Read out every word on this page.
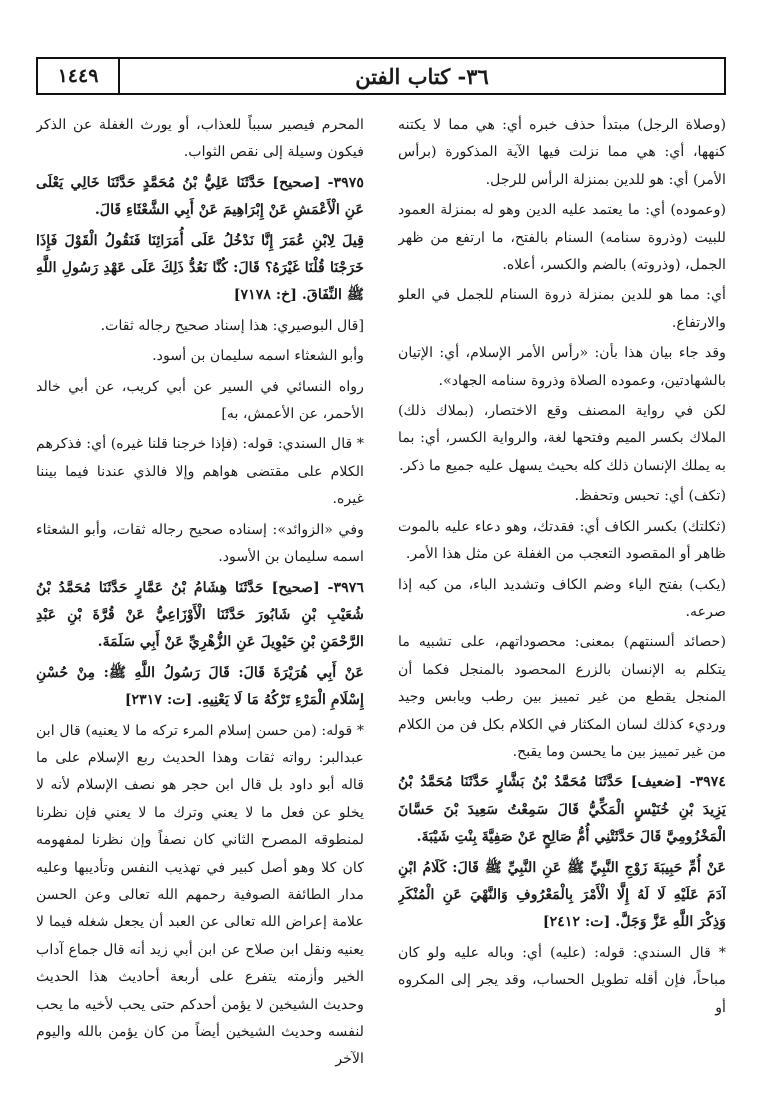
١٤٤٩	٣٦- كتاب الفتن

(وصلاة الرجل) مبتدأ حذف خبره أي: هي مما لا يكتنه كنهها، أي: هي مما نزلت فيها الآية المذكورة (برأس الأمر) أي: هو للدين بمنزلة الرأس للرجل.

(وعموده) أي: ما يعتمد عليه الدين وهو له بمنزلة العمود للبيت (وذروة سنامه) السنام بالفتح، ما ارتفع من ظهر الجمل، (وذروته) بالضم والكسر، أعلاه.

أي: مما هو للدين بمنزلة ذروة السنام للجمل في العلو والارتفاع.

وقد جاء بيان هذا بأن: «رأس الأمر الإسلام، أي: الإتيان بالشهادتين، وعموده الصلاة وذروة سنامه الجهاد».

لكن في رواية المصنف وقع الاختصار، (بملاك ذلك) الملاك بكسر الميم وفتحها لغة، والرواية الكسر، أي: بما به يملك الإنسان ذلك كله بحيث يسهل عليه جميع ما ذكر.

(تكف) أي: تحبس وتحفظ.

(ثكلتك) بكسر الكاف أي: فقدتك، وهو دعاء عليه بالموت ظاهر أو المقصود التعجب من الغفلة عن مثل هذا الأمر.

(يكب) بفتح الياء وضم الكاف وتشديد الباء، من كبه إذا صرعه.

(حصائد ألسنتهم) بمعنى: محصوداتهم، على تشبيه ما يتكلم به الإنسان بالزرع المحصود بالمنجل فكما أن المنجل يقطع من غير تمييز بين رطب ويابس وجيد ورديء كذلك لسان المكثار في الكلام بكل فن من الكلام من غير تمييز بين ما يحسن وما يقبح.

٣٩٧٤- [ضعيف] حَدَّثَنَا مُحَمَّدُ بْنُ بَشَّارٍ حَدَّثَنَا مُحَمَّدُ بْنُ يَزِيدَ بْنِ خُنَيْسٍ الْمَكِّيُّ قَالَ سَمِعْتُ سَعِيدَ بْنَ حَسَّانَ الْمَخْزُومِيَّ قَالَ حَدَّثَتْنِي أُمُّ صَالِحٍ عَنْ صَفِيَّةَ بِنْتِ شَيْبَةَ.

عَنْ أُمِّ حَبِيبَةَ زَوْجِ النَّبِيِّ ﷺ عَنِ النَّبِيِّ ﷺ قَالَ: كَلَامُ ابْنِ آدَمَ عَلَيْهِ لَا لَهُ إِلَّا الْأَمْرَ بِالْمَعْرُوفِ وَالنَّهْيَ عَنِ الْمُنْكَرِ وَذِكْرَ اللَّهِ عَزَّ وَجَلَّ. [ت: ٢٤١٢]

* قال السندي: قوله: (عليه) أي: وباله عليه ولو كان مباحاً، فإن أقله تطويل الحساب، وقد يجر إلى المكروه أو

المحرم فيصير سبباً للعذاب، أو يورث الغفلة عن الذكر فيكون وسيلة إلى نقص الثواب.

٣٩٧٥- [صحيح] حَدَّثَنَا عَلِيُّ بْنُ مُحَمَّدٍ حَدَّثَنَا خَالِي يَعْلَى عَنِ الْأَعْمَشِ عَنْ إِبْرَاهِيمَ عَنْ أَبِي الشَّعْثَاءِ قَالَ.

قِيلَ لِابْنِ عُمَرَ إِنَّا نَدْخُلُ عَلَى أُمَرَائِنَا فَنَقُولُ الْقَوْلَ فَإِذَا خَرَجْنَا قُلْنَا غَيْرَهُ؟ قَالَ: كُنَّا نَعُدُّ ذَلِكَ عَلَى عَهْدِ رَسُولِ اللَّهِ ﷺ النِّفَاقَ. [خ: ٧١٧٨]

[قال البوصيري: هذا إسناد صحيح رجاله ثقات.

وأبو الشعثاء اسمه سليمان بن أسود.

رواه النسائي في السير عن أبي كريب، عن أبي خالد الأحمر، عن الأعمش، به]

* قال السندي: قوله: (فإذا خرجنا قلنا غيره) أي: فذكرهم الكلام على مقتضى هواهم وإلا فالذي عندنا فيما بيننا غيره.

وفي «الزوائد»: إسناده صحيح رجاله ثقات، وأبو الشعثاء اسمه سليمان بن الأسود.

٣٩٧٦- [صحيح] حَدَّثَنَا هِشَامُ بْنُ عَمَّارٍ حَدَّثَنَا مُحَمَّدُ بْنُ شُعَيْبِ بْنِ شَابُورَ حَدَّثَنَا الْأَوْزَاعِيُّ عَنْ قُرَّةَ بْنِ عَبْدِ الرَّحْمَنِ بْنِ حَيْوِيلَ عَنِ الزُّهْرِيِّ عَنْ أَبِي سَلَمَةَ.

عَنْ أَبِي هُرَيْرَةَ قَالَ: قَالَ رَسُولُ اللَّهِ ﷺ: مِنْ حُسْنِ إِسْلَامِ الْمَرْءِ تَرْكُهُ مَا لَا يَعْنِيهِ. [ت: ٢٣١٧]

* قوله: (من حسن إسلام المرء تركه ما لا يعنيه) قال ابن عبدالبر: رواته ثقات وهذا الحديث ربع الإسلام على ما قاله أبو داود بل قال ابن حجر هو نصف الإسلام لأنه لا يخلو عن فعل ما لا يعني وترك ما لا يعني فإن نظرنا لمنطوقه المصرح الثاني كان نصفاً وإن نظرنا لمفهومه كان كلا وهو أصل كبير في تهذيب النفس وتأديبها وعليه مدار الطائفة الصوفية رحمهم الله تعالى وعن الحسن علامة إعراض الله تعالى عن العبد أن يجعل شغله فيما لا يعنيه ونقل ابن صلاح عن ابن أبي زيد أنه قال جماع آداب الخير وأزمته يتفرع على أربعة أحاديث هذا الحديث وحديث الشيخين لا يؤمن أحدكم حتى يحب لأخيه ما يحب لنفسه وحديث الشيخين أيضاً من كان يؤمن بالله واليوم الآخر
